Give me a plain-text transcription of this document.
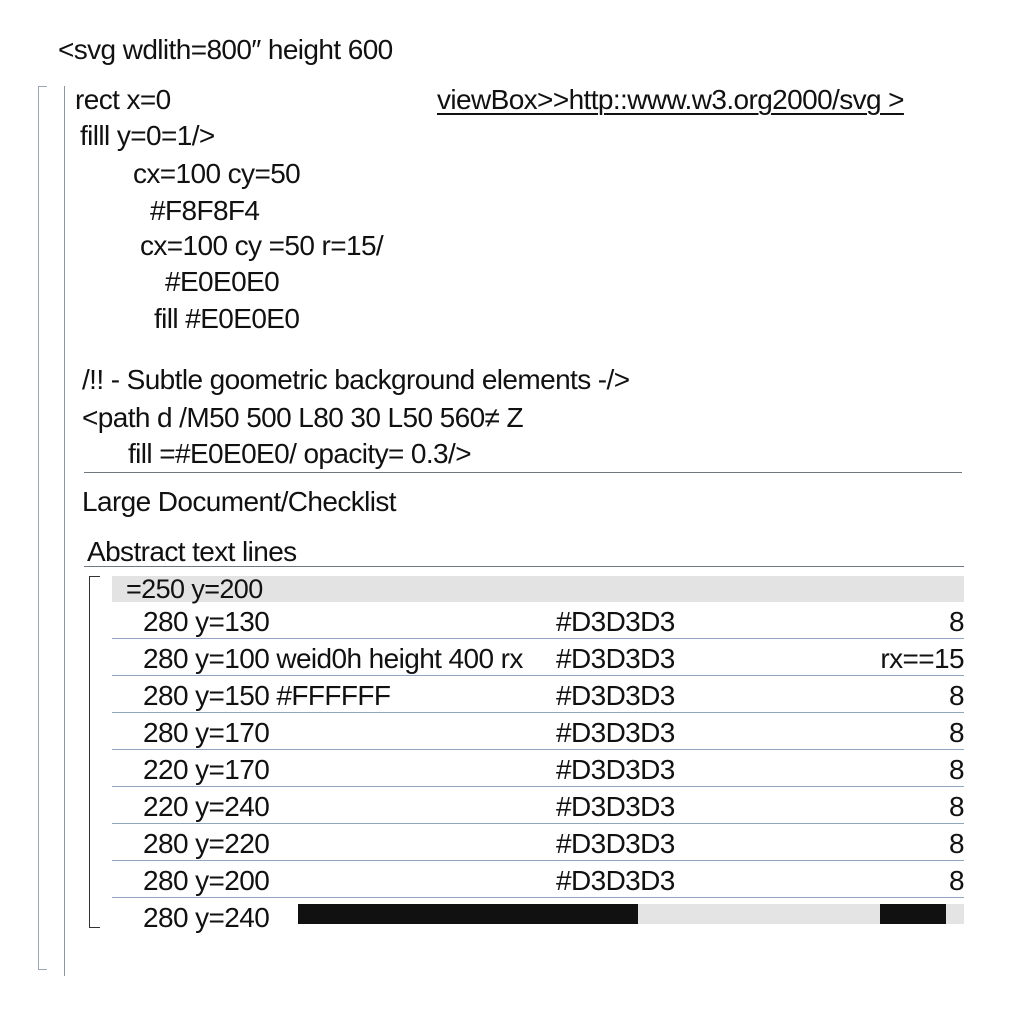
<svg wdlith=800″ height 600
rect x=0	viewBox>>http::www.w3.org2000/svg >
filll y=0=1/>
cx=100 cy=50
#F8F8F4
cx=100 cy =50 r=15/
#E0E0E0
fill #E0E0E0
/!! - Subtle goometric background elements -/>
<path d /M50 500 L80 30 L50 560≠ Z
fill =#E0E0E0/ opacity= 0.3/>
Large Document/Checklist
Abstract text lines
=250 y=200
280 y=130	#D3D3D3	8
280 y=100 weid0h height 400 rx #D3D3D3	rx==15
280 y=150 #FFFFFF	#D3D3D3	8
280 y=170	#D3D3D3	8
220 y=170	#D3D3D3	8
220 y=240	#D3D3D3	8
280 y=220	#D3D3D3	8
280 y=200	#D3D3D3	8
280 y=240
